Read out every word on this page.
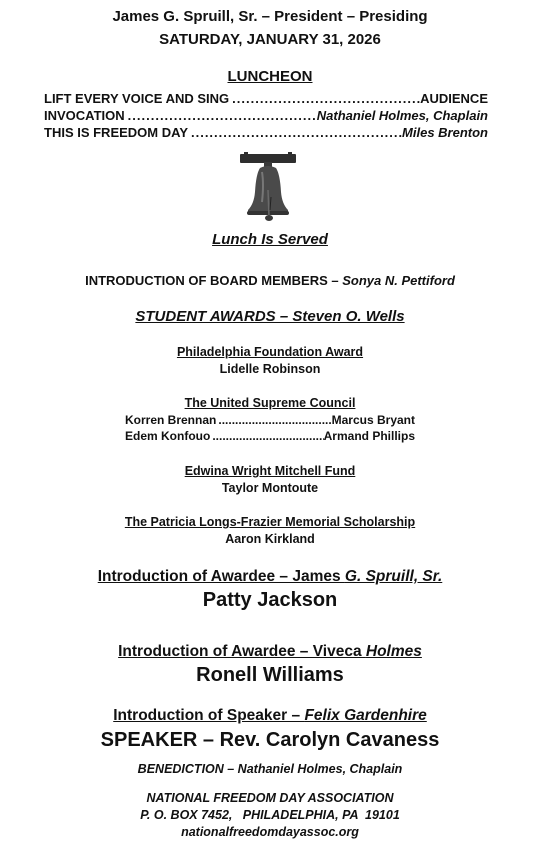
James G. Spruill, Sr. – President – Presiding
SATURDAY, JANUARY 31, 2026
LUNCHEON
LIFT EVERY VOICE AND SING .....	AUDIENCE
INVOCATION .....	Nathaniel Holmes, Chaplain
THIS IS FREEDOM DAY .....	Miles Brenton
Lunch Is Served
INTRODUCTION OF BOARD MEMBERS – Sonya N. Pettiford
STUDENT AWARDS – Steven O. Wells
Philadelphia Foundation Award
Lidelle Robinson
The United Supreme Council
Korren Brennan .....	Marcus Bryant
Edem Konfouo .....	Armand Phillips
Edwina Wright Mitchell Fund
Taylor Montoute
The Patricia Longs-Frazier Memorial Scholarship
Aaron Kirkland
Introduction of Awardee – James G. Spruill, Sr.
Patty Jackson
Introduction of Awardee – Viveca Holmes
Ronell Williams
Introduction of Speaker – Felix Gardenhire
SPEAKER – Rev. Carolyn Cavaness
BENEDICTION – Nathaniel Holmes, Chaplain
NATIONAL FREEDOM DAY ASSOCIATION
P. O. BOX 7452,   PHILADELPHIA, PA  19101
nationalfreedomdayassoc.org
